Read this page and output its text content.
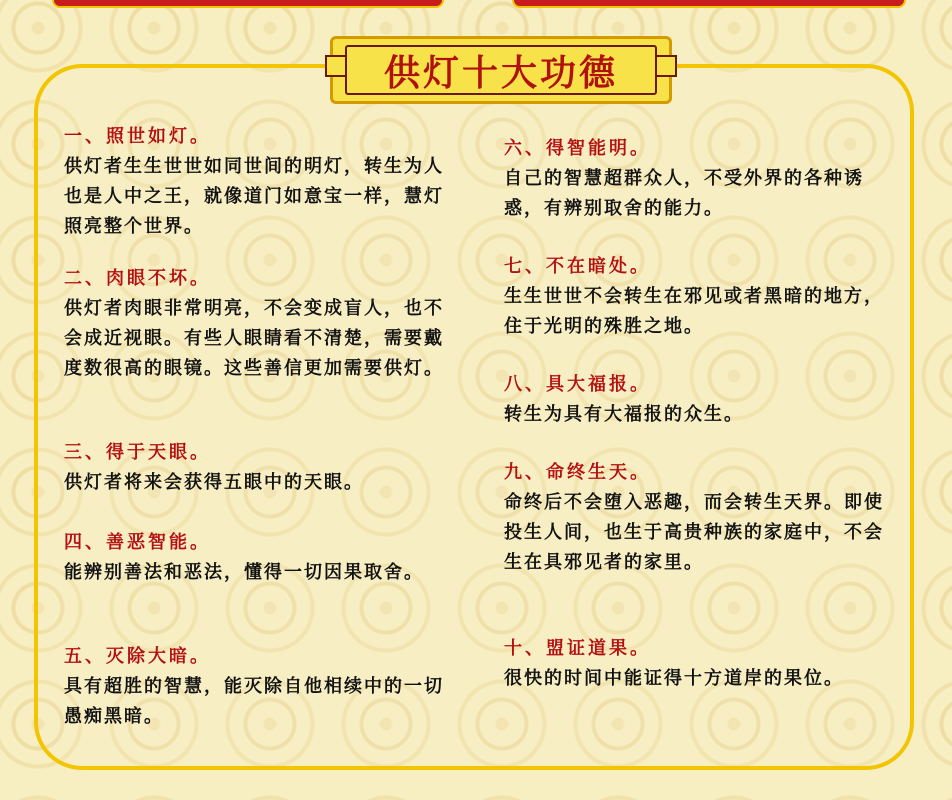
供灯十大功德
一、照世如灯。
供灯者生生世世如同世间的明灯，转生为人也是人中之王，就像道门如意宝一样，慧灯照亮整个世界。
二、肉眼不坏。
供灯者肉眼非常明亮，不会变成盲人，也不会成近视眼。有些人眼睛看不清楚，需要戴度数很高的眼镜。这些善信更加需要供灯。
三、得于天眼。
供灯者将来会获得五眼中的天眼。
四、善恶智能。
能辨别善法和恶法，懂得一切因果取舍。
五、灭除大暗。
具有超胜的智慧，能灭除自他相续中的一切愚痴黑暗。
六、得智能明。
自己的智慧超群众人，不受外界的各种诱惑，有辨别取舍的能力。
七、不在暗处。
生生世世不会转生在邪见或者黑暗的地方，住于光明的殊胜之地。
八、具大福报。
转生为具有大福报的众生。
九、命终生天。
命终后不会堕入恶趣，而会转生天界。即使投生人间，也生于高贵种族的家庭中，不会生在具邪见者的家里。
十、盟证道果。
很快的时间中能证得十方道岸的果位。
